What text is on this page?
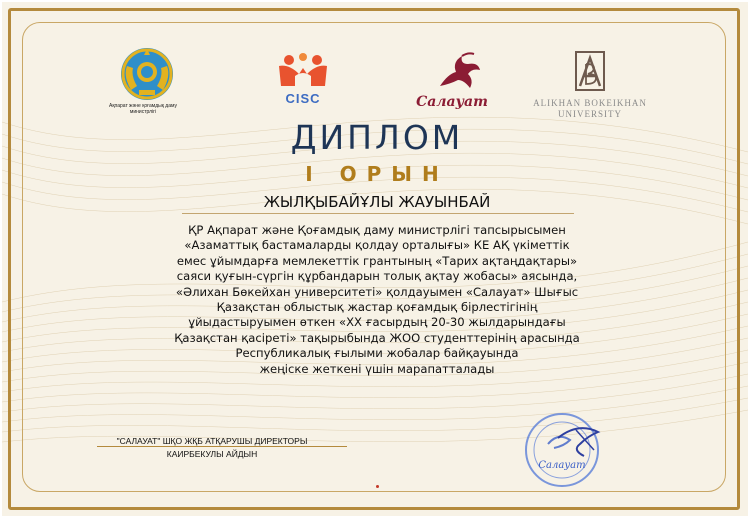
Ақпарат және қоғамдық даму министрлігі
CISC	Салауат	ALIKHAN BOKEIKHAN UNIVERSITY
ДИПЛОМ
І ОРЫН
ЖЫЛҚЫБАЙҰЛЫ ЖАУЫНБАЙ
ҚР Ақпарат және Қоғамдық даму министрлігі тапсырысымен
«Азаматтық бастамаларды қолдау орталығы» КЕ АҚ үкіметтік
емес ұйымдарға мемлекеттік грантының «Тарих ақтаңдақтары»
саяси қуғын-сүргін құрбандарын толық ақтау жобасы» аясында,
«Әлихан Бөкейхан университеті» қолдауымен «Салауат» Шығыс
Қазақстан облыстық жастар қоғамдық бірлестігінің
ұйыдастыруымен өткен «XX ғасырдың 20-30 жылдарындағы
Қазақстан қасіреті» тақырыбында ЖОО студенттерінің арасында
Республикалық ғылыми жобалар байқауында
жеңіске жеткені үшін марапатталады
"САЛАУАТ" ШҚО ЖҚБ АТҚАРУШЫ ДИРЕКТОРЫ
КАИРБЕКУЛЫ АЙДЫН
Салауат
